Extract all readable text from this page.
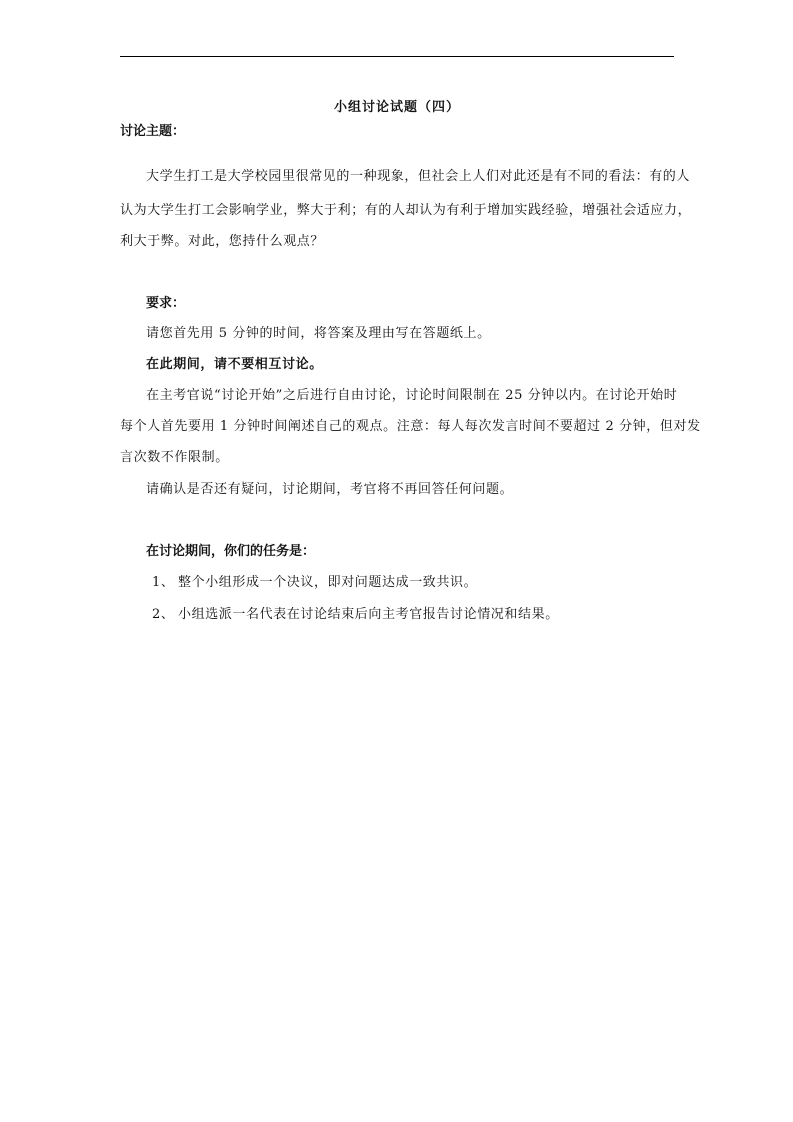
小组讨论试题（四）
讨论主题：
大学生打工是大学校园里很常见的一种现象，但社会上人们对此还是有不同的看法：有的人
认为大学生打工会影响学业，弊大于利；有的人却认为有利于增加实践经验，增强社会适应力，
利大于弊。对此，您持什么观点？
要求：
请您首先用 5 分钟的时间，将答案及理由写在答题纸上。
在此期间，请不要相互讨论。
在主考官说“讨论开始”之后进行自由讨论，讨论时间限制在 25 分钟以内。在讨论开始时
每个人首先要用 1 分钟时间阐述自己的观点。注意：每人每次发言时间不要超过 2 分钟，但对发
言次数不作限制。
请确认是否还有疑问，讨论期间，考官将不再回答任何问题。
在讨论期间，你们的任务是：
1、 整个小组形成一个决议，即对问题达成一致共识。
2、 小组选派一名代表在讨论结束后向主考官报告讨论情况和结果。
